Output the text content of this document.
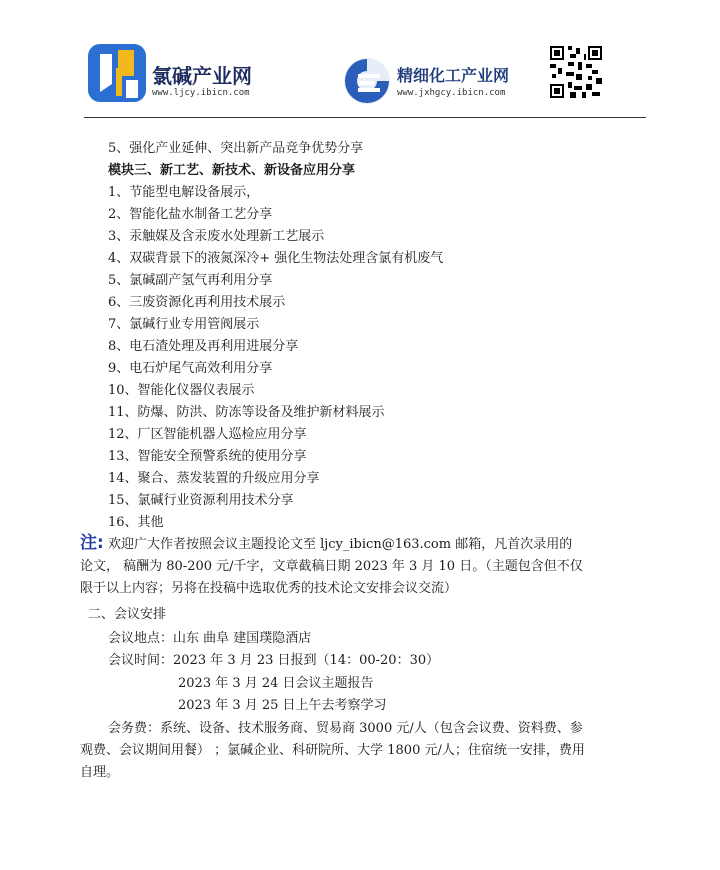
氯碱产业网
www.ljcy.ibicn.com
精细化工产业网
www.jxhgcy.ibicn.com
5、强化产业延伸、突出新产品竞争优势分享
模块三、新工艺、新技术、新设备应用分享
1、节能型电解设备展示，
2、智能化盐水制备工艺分享
3、汞触媒及含汞废水处理新工艺展示
4、双碳背景下的液氮深冷+ 强化生物法处理含氯有机废气
5、氯碱副产氢气再利用分享
6、三废资源化再利用技术展示
7、氯碱行业专用管阀展示
8、电石渣处理及再利用进展分享
9、电石炉尾气高效利用分享
10、智能化仪器仪表展示
11、防爆、防洪、防冻等设备及维护新材料展示
12、厂区智能机器人巡检应用分享
13、智能安全预警系统的使用分享
14、聚合、蒸发装置的升级应用分享
15、氯碱行业资源利用技术分享
16、其他
注: 欢迎广大作者按照会议主题投论文至 ljcy_ibicn@163.com 邮箱，凡首次录用的
论文， 稿酬为 80-200 元/千字，文章截稿日期 2023 年 3 月 10 日。（主题包含但不仅
限于以上内容；另将在投稿中选取优秀的技术论文安排会议交流）
二、会议安排
会议地点：山东 曲阜 建国璞隐酒店
会议时间：2023 年 3 月 23 日报到（14：00-20：30）
2023 年 3 月 24 日会议主题报告
2023 年 3 月 25 日上午去考察学习
会务费：系统、设备、技术服务商、贸易商 3000 元/人（包含会议费、资料费、参
观费、会议期间用餐） ；氯碱企业、科研院所、大学 1800 元/人；住宿统一安排，费用
自理。
